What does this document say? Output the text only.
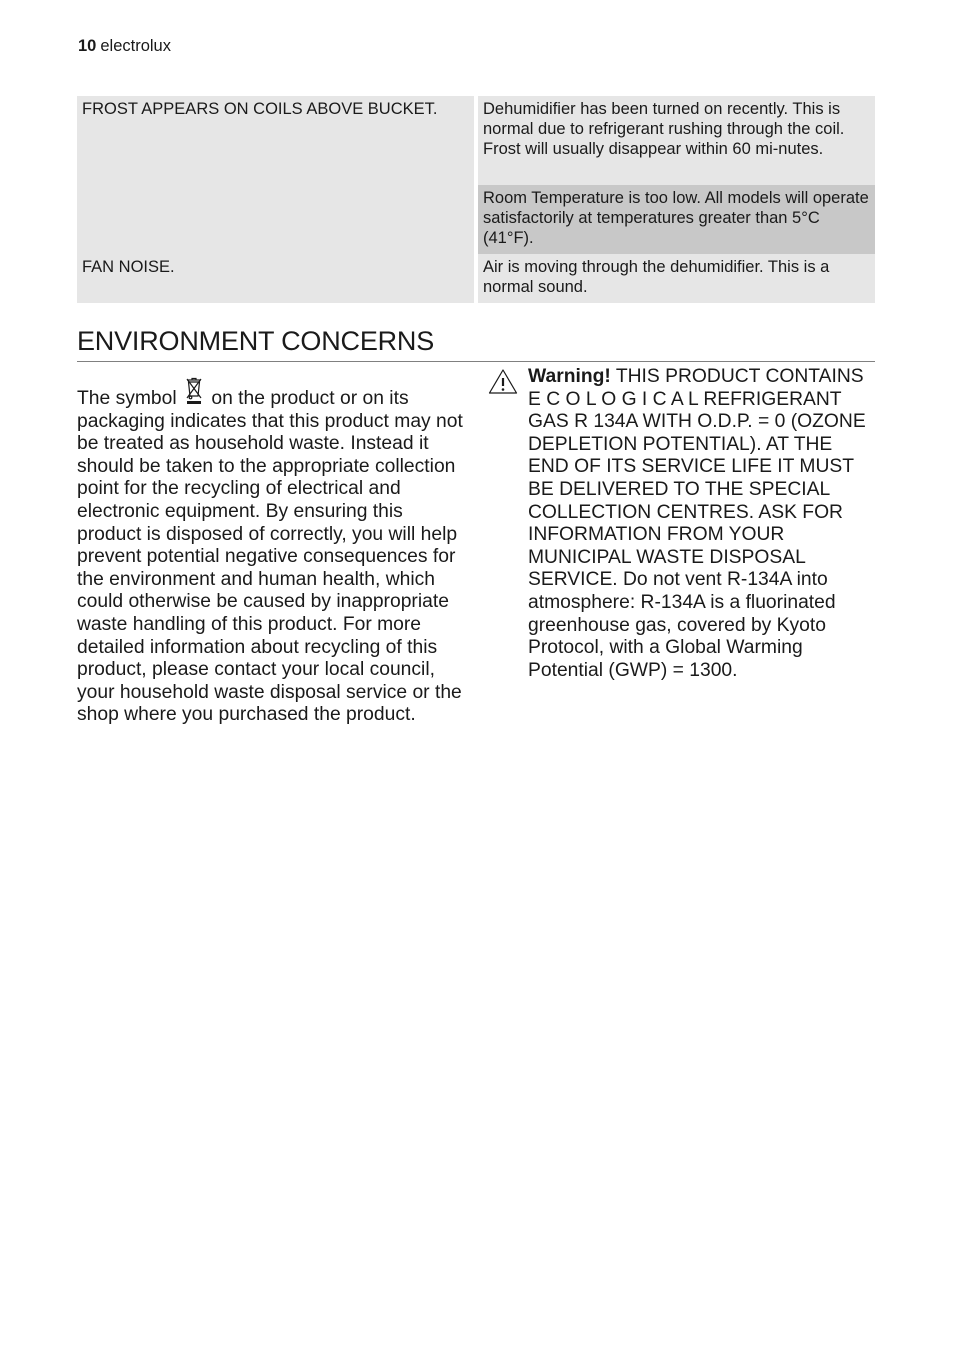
10 electrolux
FROST APPEARS ON COILS ABOVE BUCKET.	Dehumidifier has been turned on recently. This is normal due to refrigerant rushing through the coil. Frost will usually disappear within 60 mi-nutes.
Room Temperature is too low. All models will operate satisfactorily at temperatures greater than 5°C (41°F).
FAN NOISE.	Air is moving through the dehumidifier. This is a normal sound.
ENVIRONMENT CONCERNS
The symbol  on the product or on its packaging indicates that this product may not be treated as household waste. Instead it should be taken to the appropriate collection point for the recycling of electrical and electronic equipment. By ensuring this product is disposed of correctly, you will help prevent potential negative consequences for the environment and human health, which could otherwise be caused by inappropriate waste handling of this product. For more detailed information about recycling of this product, please contact your local council, your household waste disposal service or the shop where you purchased the product.
Warning! THIS PRODUCT CONTAINS E C O L O G I C A L REFRIGERANT GAS R 134A WITH O.D.P. = 0 (OZONE DEPLETION POTENTIAL). AT THE END OF ITS SERVICE LIFE IT MUST BE DELIVERED TO THE SPECIAL COLLECTION CENTRES. ASK FOR INFORMATION FROM YOUR MUNICIPAL WASTE DISPOSAL SERVICE. Do not vent R-134A into atmosphere: R-134A is a fluorinated greenhouse gas, covered by Kyoto Protocol, with a Global Warming Potential (GWP) = 1300.
